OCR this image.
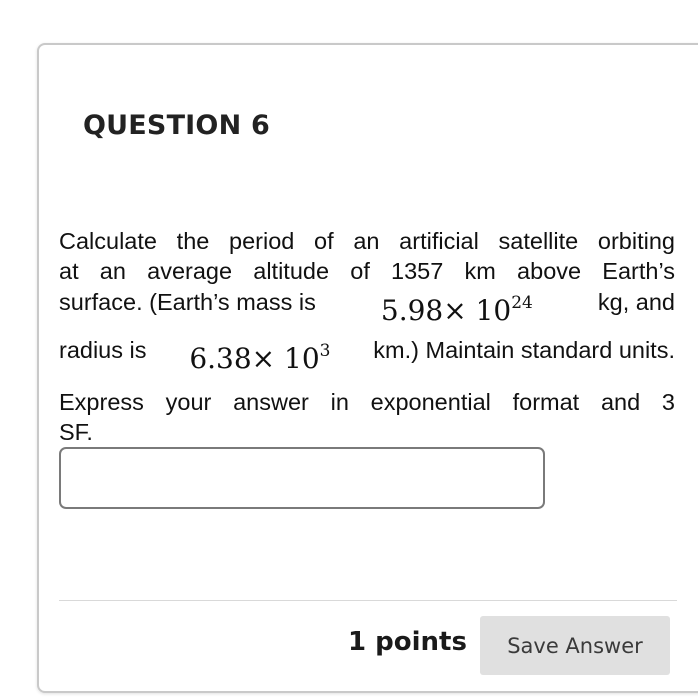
QUESTION 6
Calculate the period of an artificial satellite orbiting
at an average altitude of 1357 km above Earth’s
surface. (Earth’s mass is $5.98\times 10^{24}$	kg, and
radius is $6.38\times 10^3$ km.) Maintain standard units.
Express your answer in exponential format and 3
SF.
1 points	Save Answer
